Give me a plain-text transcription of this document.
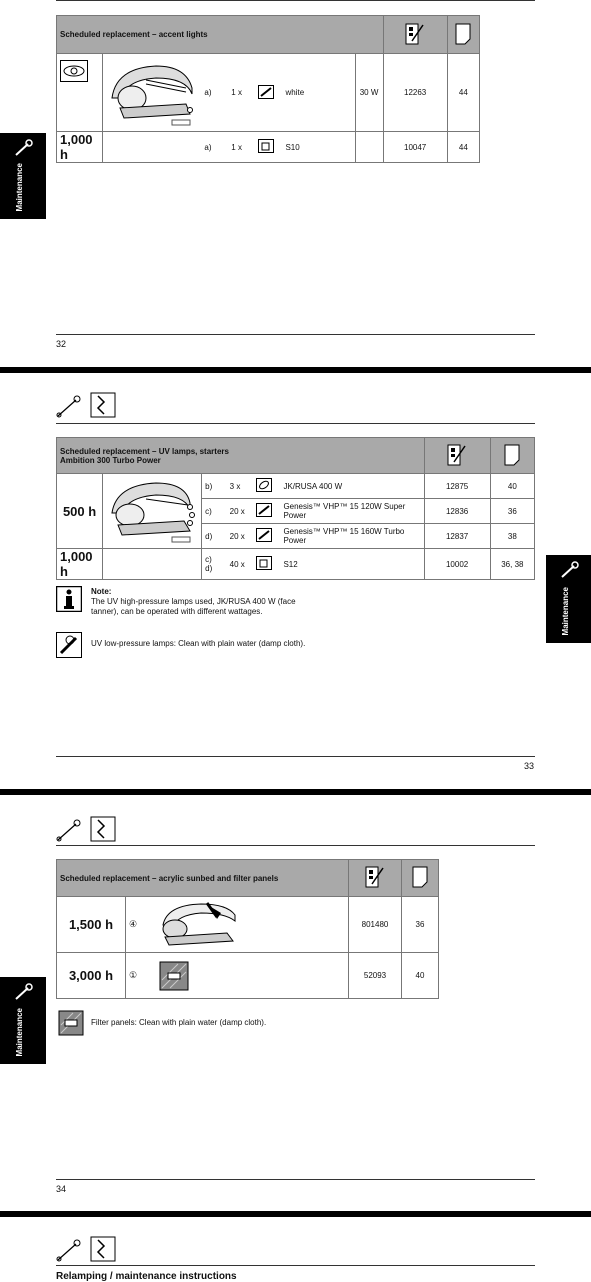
Scheduled replacement – accent lights		

	a)	1 x		white	30 W	12263	44
1,000 h		a)	1 x		S10		10047	44
Maintenance
32

Scheduled replacement – UV lamps, starters
Ambition 300 Turbo Power

500 h		b)	3 x		JK/RUSA 400 W	12875	40
		c)	20 x		Genesis™ VHP™ 15 120W Super Power	12836	36
		d)	20 x		Genesis™ VHP™ 15 160W Turbo Power	12837	38
1,000 h		c)
d)	40 x		S12	10002	36, 38
Note:
The UV high-pressure lamps used, JK/RUSA 400 W (face
tanner), can be operated with different wattages.
UV low-pressure lamps: Clean with plain water (damp cloth).
Maintenance
33

Scheduled replacement – acrylic sunbed and filter panels		
1,500 h	④	801480	36
3,000 h	①	52093	40
Filter panels: Clean with plain water (damp cloth).
Maintenance
34

Relamping / maintenance instructions
